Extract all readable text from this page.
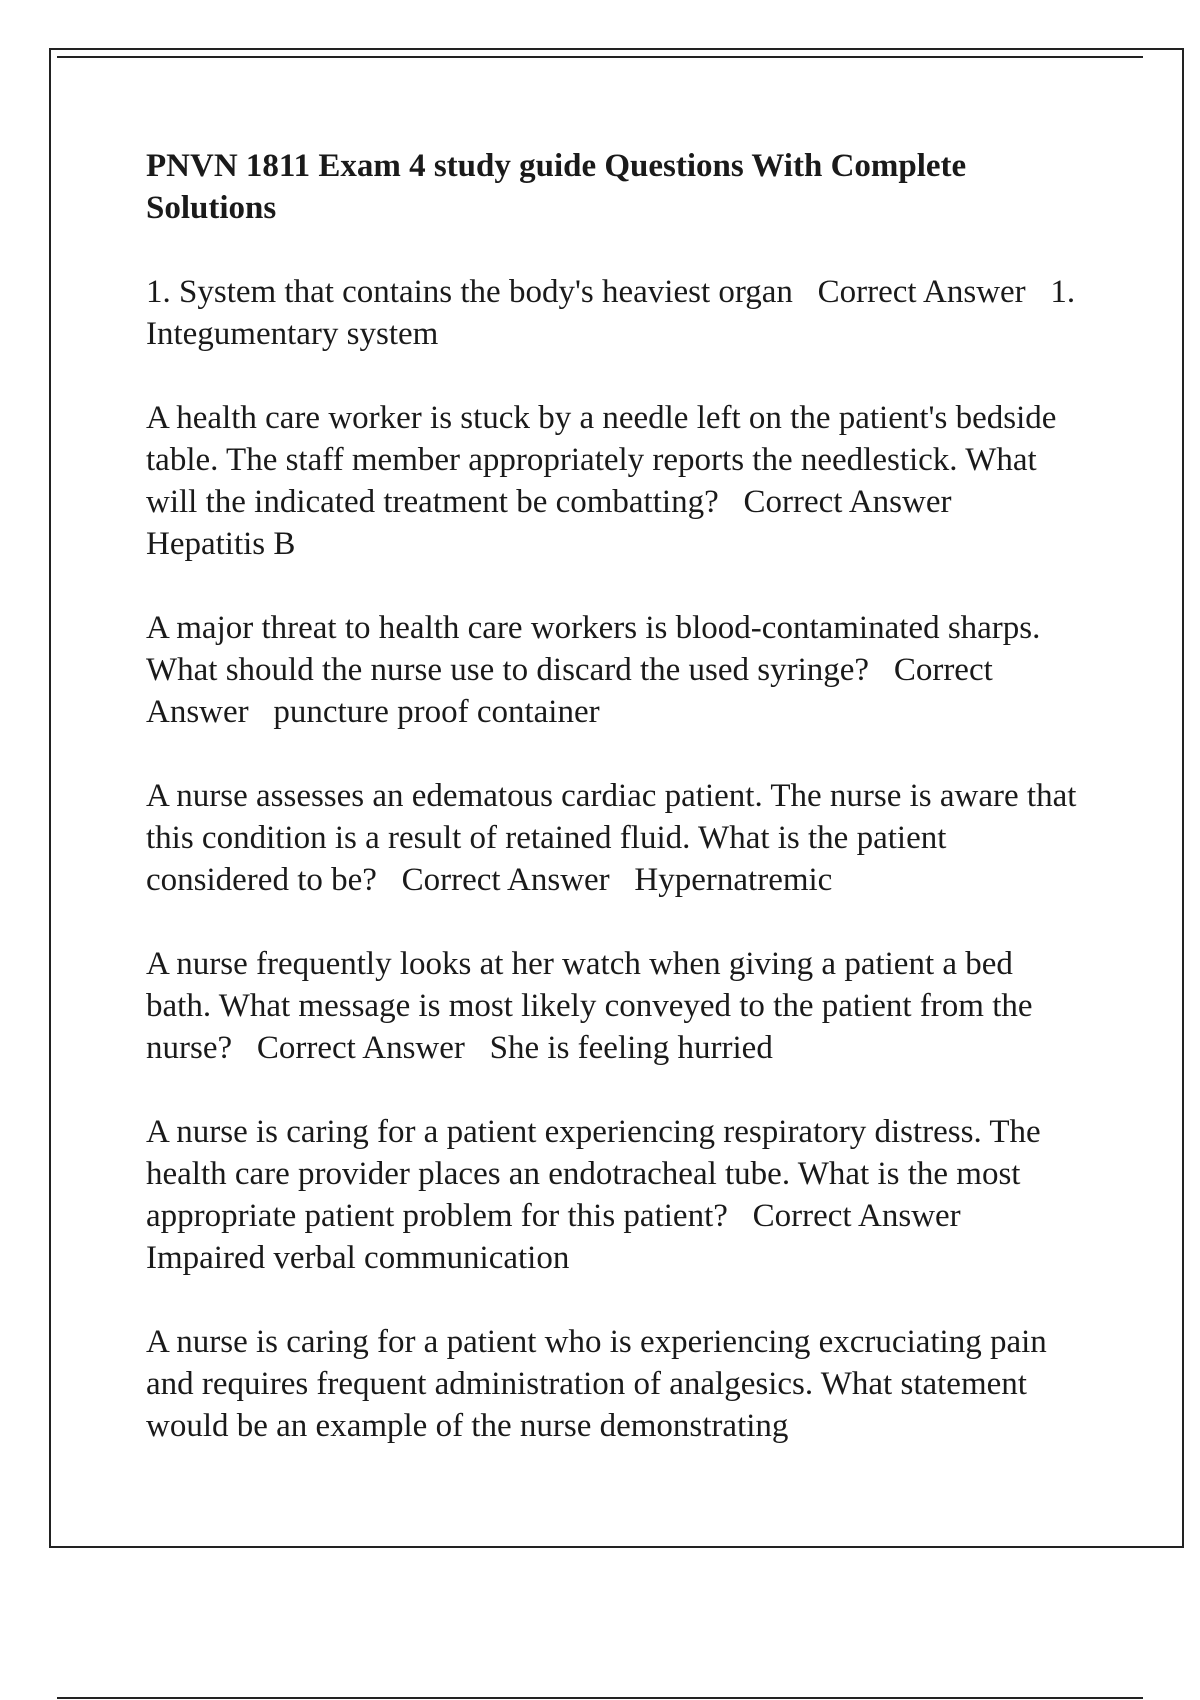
PNVN 1811 Exam 4 study guide Questions With Complete Solutions

1. System that contains the body's heaviest organ   Correct Answer   1. Integumentary system

A health care worker is stuck by a needle left on the patient's bedside table. The staff member appropriately reports the needlestick. What will the indicated treatment be combatting?   Correct Answer   Hepatitis B

A major threat to health care workers is blood-contaminated sharps. What should the nurse use to discard the used syringe?   Correct Answer   puncture proof container

A nurse assesses an edematous cardiac patient. The nurse is aware that this condition is a result of retained fluid. What is the patient considered to be?   Correct Answer   Hypernatremic

A nurse frequently looks at her watch when giving a patient a bed bath. What message is most likely conveyed to the patient from the nurse?   Correct Answer   She is feeling hurried

A nurse is caring for a patient experiencing respiratory distress. The health care provider places an endotracheal tube. What is the most appropriate patient problem for this patient?   Correct Answer   Impaired verbal communication

A nurse is caring for a patient who is experiencing excruciating pain and requires frequent administration of analgesics. What statement would be an example of the nurse demonstrating
